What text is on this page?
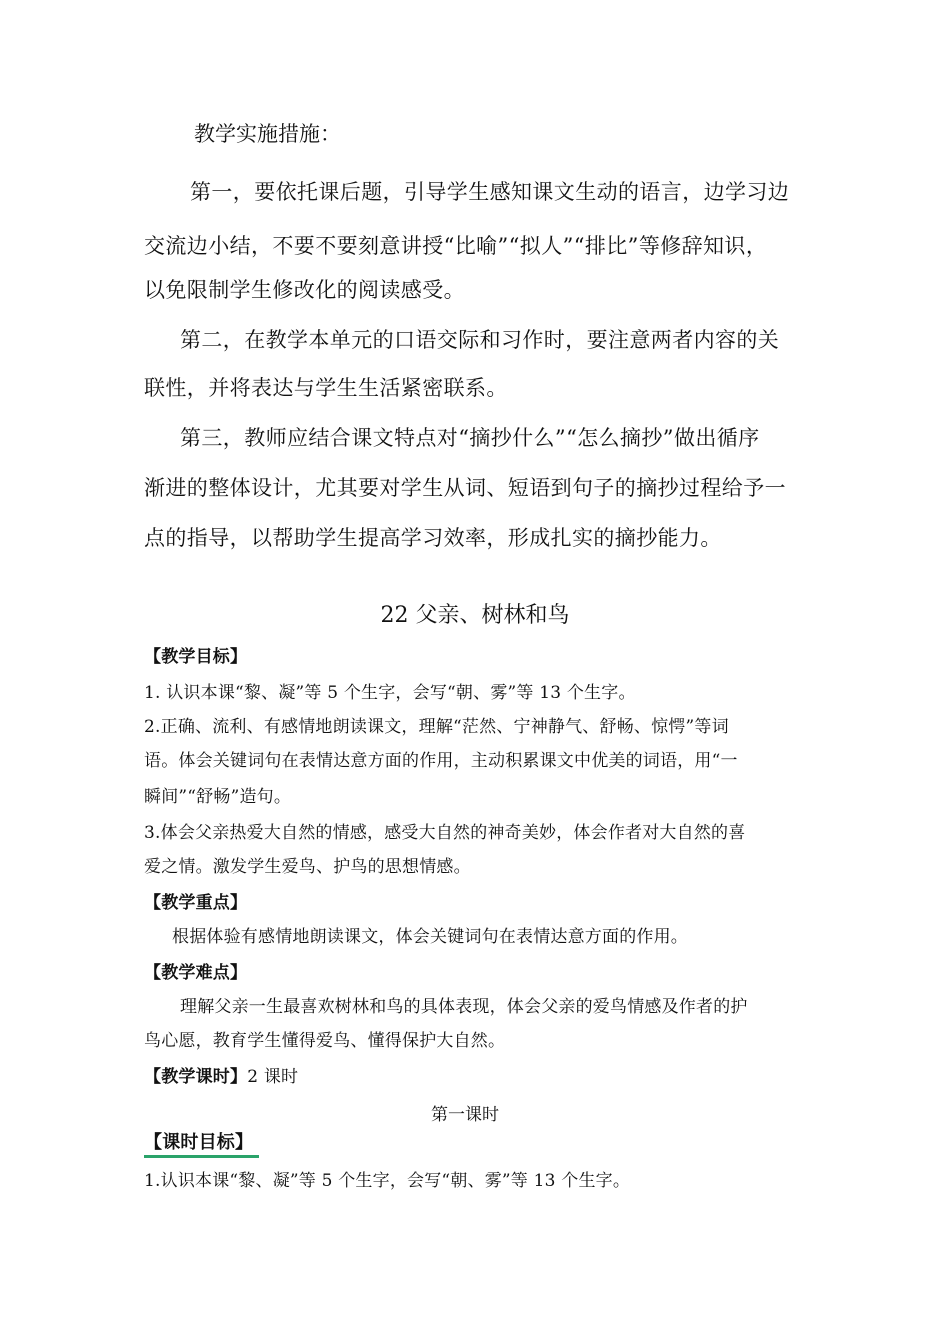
教学实施措施：

第一，要依托课后题，引导学生感知课文生动的语言，边学习边

交流边小结，不要不要刻意讲授“比喻”“拟人”“排比”等修辞知识，

以免限制学生修改化的阅读感受。

第二，在教学本单元的口语交际和习作时，要注意两者内容的关

联性，并将表达与学生生活紧密联系。

第三，教师应结合课文特点对“摘抄什么”“怎么摘抄”做出循序

渐进的整体设计，尤其要对学生从词、短语到句子的摘抄过程给予一

点的指导，以帮助学生提高学习效率，形成扎实的摘抄能力。

22 父亲、树林和鸟

【教学目标】

1. 认识本课“黎、凝”等 5 个生字，会写“朝、雾”等 13 个生字。

2.正确、流利、有感情地朗读课文，理解“茫然、宁神静气、舒畅、惊愕”等词

语。体会关键词句在表情达意方面的作用，主动积累课文中优美的词语，用“一

瞬间”“舒畅”造句。

3.体会父亲热爱大自然的情感，感受大自然的神奇美妙，体会作者对大自然的喜

爱之情。激发学生爱鸟、护鸟的思想情感。

【教学重点】

根据体验有感情地朗读课文，体会关键词句在表情达意方面的作用。

【教学难点】

理解父亲一生最喜欢树林和鸟的具体表现，体会父亲的爱鸟情感及作者的护

鸟心愿，教育学生懂得爱鸟、懂得保护大自然。

【教学课时】2 课时

第一课时

【课时目标】

1.认识本课“黎、凝”等 5 个生字，会写“朝、雾”等 13 个生字。
